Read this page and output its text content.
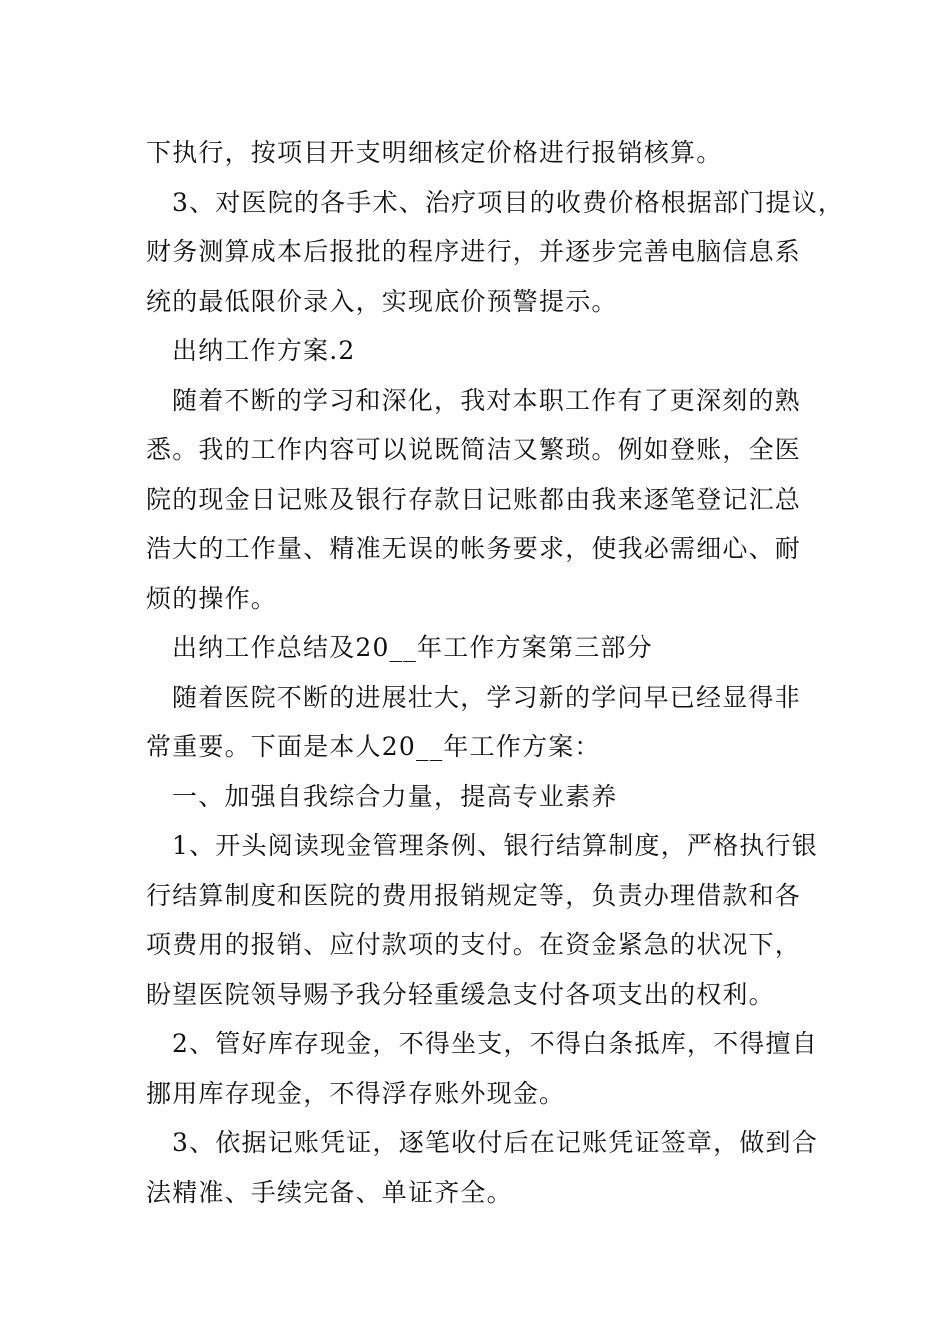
下执行，按项目开支明细核定价格进行报销核算。
3、对医院的各手术、治疗项目的收费价格根据部门提议，
财务测算成本后报批的程序进行，并逐步完善电脑信息系
统的最低限价录入，实现底价预警提示。
出纳工作方案.2
随着不断的学习和深化，我对本职工作有了更深刻的熟
悉。我的工作内容可以说既简洁又繁琐。例如登账，全医
院的现金日记账及银行存款日记账都由我来逐笔登记汇总
浩大的工作量、精准无误的帐务要求，使我必需细心、耐
烦的操作。
出纳工作总结及20__年工作方案第三部分
随着医院不断的进展壮大，学习新的学问早已经显得非
常重要。下面是本人20__年工作方案：
一、加强自我综合力量，提高专业素养
1、开头阅读现金管理条例、银行结算制度，严格执行银
行结算制度和医院的费用报销规定等，负责办理借款和各
项费用的报销、应付款项的支付。在资金紧急的状况下，
盼望医院领导赐予我分轻重缓急支付各项支出的权利。
2、管好库存现金，不得坐支，不得白条抵库，不得擅自
挪用库存现金，不得浮存账外现金。
3、依据记账凭证，逐笔收付后在记账凭证签章，做到合
法精准、手续完备、单证齐全。
